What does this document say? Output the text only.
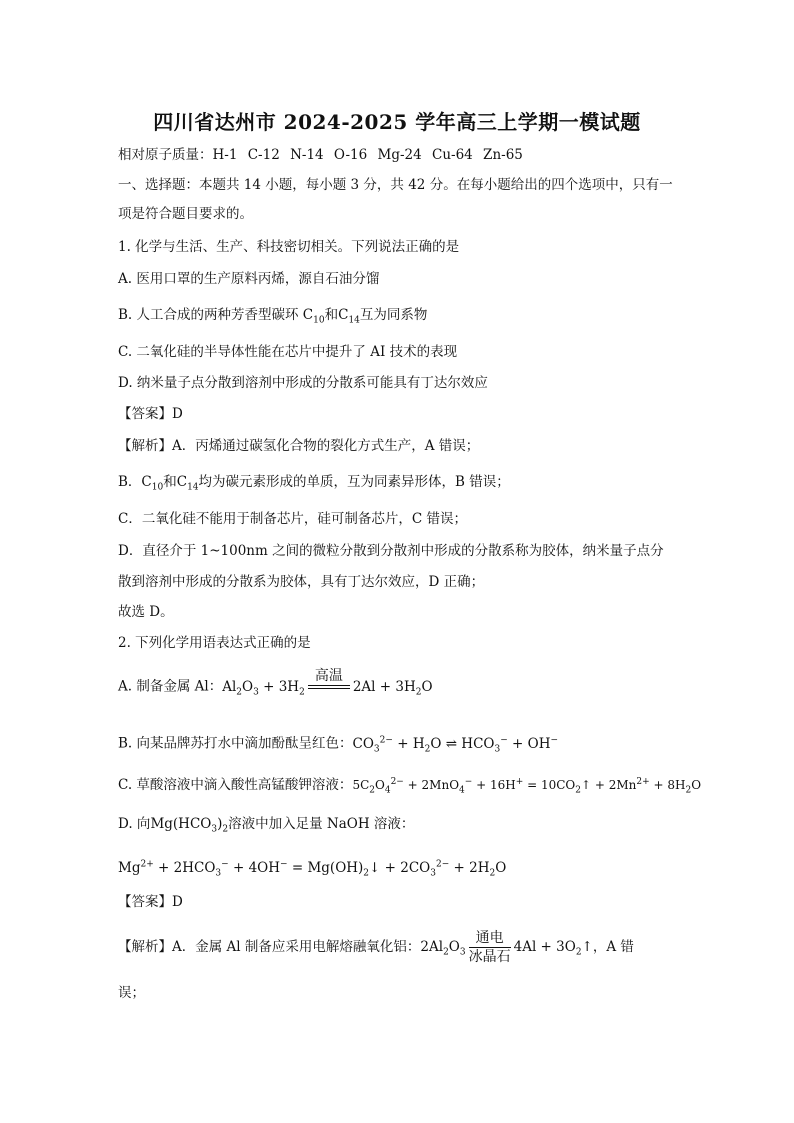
四川省达州市 2024-2025 学年高三上学期一模试题
相对原子质量：H-1 C-12 N-14 O-16 Mg-24 Cu-64 Zn-65
一、选择题：本题共 14 小题，每小题 3 分，共 42 分。在每小题给出的四个选项中，只有一
项是符合题目要求的。
1. 化学与生活、生产、科技密切相关。下列说法正确的是
A. 医用口罩的生产原料丙烯，源自石油分馏
B. 人工合成的两种芳香型碳环 $C_{10}$和$C_{14}$互为同系物
C. 二氧化硅的半导体性能在芯片中提升了 AI 技术的表现
D. 纳米量子点分散到溶剂中形成的分散系可能具有丁达尔效应
【答案】D
【解析】A．丙烯通过碳氢化合物的裂化方式生产，A 错误；
B．$C_{10}$和$C_{14}$均为碳元素形成的单质，互为同素异形体，B 错误；
C．二氧化硅不能用于制备芯片，硅可制备芯片，C 错误；
D．直径介于 1~100nm 之间的微粒分散到分散剂中形成的分散系称为胶体，纳米量子点分
散到溶剂中形成的分散系为胶体，具有丁达尔效应，D 正确；
故选 D。
2. 下列化学用语表达式正确的是
A. 制备金属 Al：$Al_2O_3 + 3H_2$
高温

$2Al + 3H_2O$
B. 向某品牌苏打水中滴加酚酞呈红色：$CO_3^{2-} + H_2O$ ⇌ $HCO_3^- + OH^-$
C. 草酸溶液中滴入酸性高锰酸钾溶液：$5C_2O_4^{2-} + 2MnO_4^- + 16H^+$ = $10CO_2↑ + 2Mn^{2+} + 8H_2O$
D. 向$Mg(HCO_3)_2$溶液中加入足量 NaOH 溶液：
$Mg^{2+} + 2HCO_3^- + 4OH^-$ = $Mg(OH)_2↓ + 2CO_3^{2-} + 2H_2O$
【答案】D
【解析】A．金属 Al 制备应采用电解熔融氧化铝：$2Al_2O_3$
通电
冰晶石
$4Al + 3O_2↑$，A 错
误；
